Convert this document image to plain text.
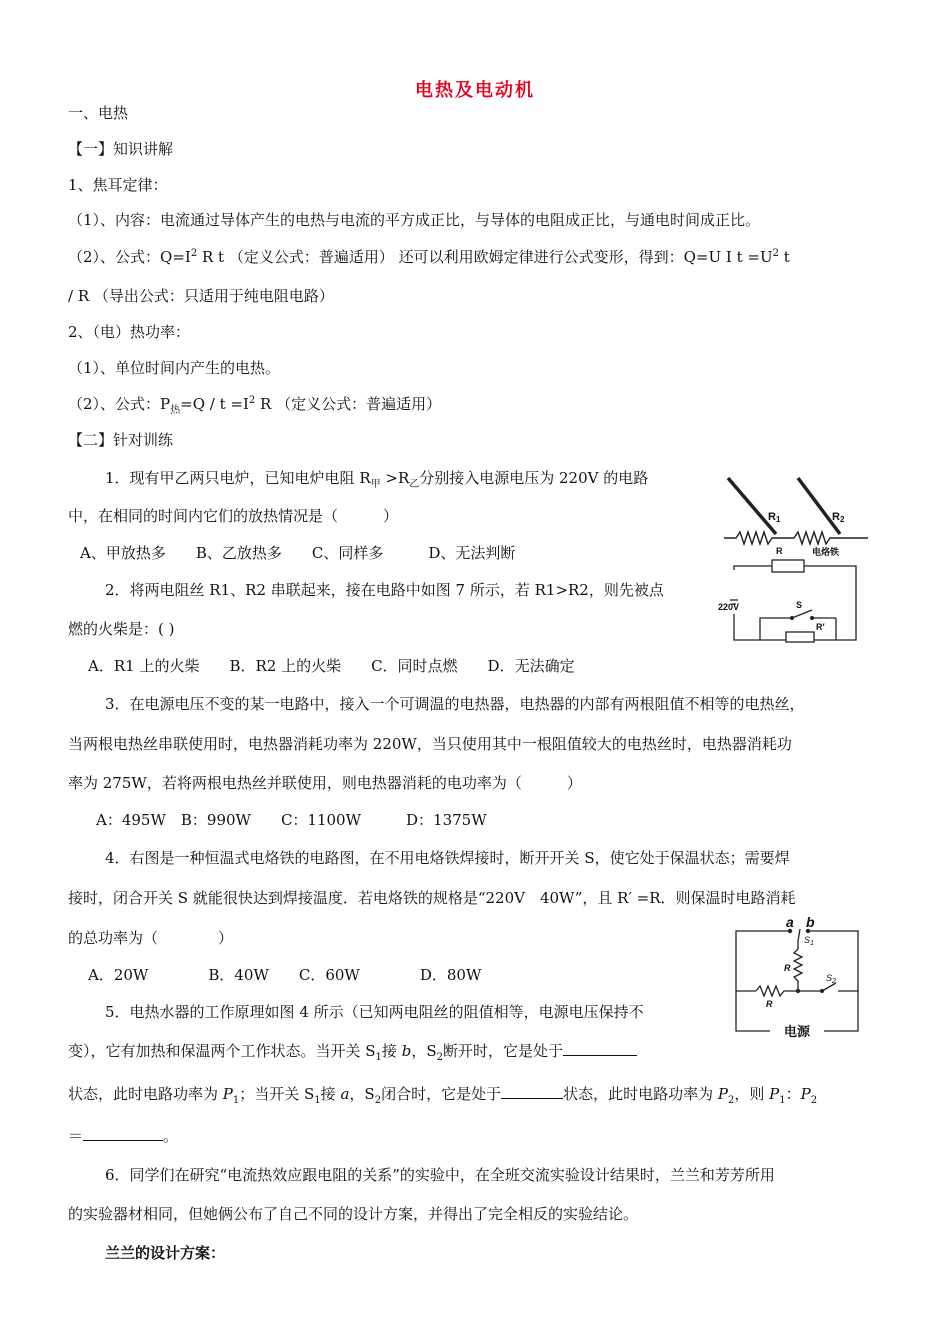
电热及电动机
一、电热
【一】知识讲解
1、焦耳定律：
（1）、内容：电流通过导体产生的电热与电流的平方成正比，与导体的电阻成正比，与通电时间成正比。
（2）、公式：$Q=I^2$ R t （定义公式：普遍适用） 还可以利用欧姆定律进行公式变形，得到：Q=U I $t =U^2$ t
/ R （导出公式：只适用于纯电阻电路）
2、（电）热功率：
（1）、单位时间内产生的电热。
（2）、公式：$P_热=Q / t =I^2$ R （定义公式：普遍适用）
【二】针对训练
1．现有甲乙两只电炉，已知电炉电阻 $R_甲 >R_乙$分别接入电源电压为 220V 的电路
中，在相同的时间内它们的放热情况是（　　　）
A、甲放热多　　B、乙放热多　　C、同样多　　　D、无法判断
2．将两电阻丝 R1、R2 串联起来，接在电路中如图 7 所示，若 R1>R2，则先被点
燃的火柴是：( )
A．R1 上的火柴　　B．R2 上的火柴　　C．同时点燃　　D．无法确定
3．在电源电压不变的某一电路中，接入一个可调温的电热器，电热器的内部有两根阻值不相等的电热丝，
当两根电热丝串联使用时，电热器消耗功率为 220W，当只使用其中一根阻值较大的电热丝时，电热器消耗功
率为 275W，若将两根电热丝并联使用，则电热器消耗的电功率为（　　　）
A：495W　B：990W　　C：1100W　　　D：1375W
4．右图是一种恒温式电烙铁的电路图，在不用电烙铁焊接时，断开开关 S，使它处于保温状态；需要焊
接时，闭合开关 S 就能很快达到焊接温度．若电烙铁的规格是“220V　40W”，且 R′ =R．则保温时电路消耗
的总功率为（　　　　）
A．20W　　　　B．40W　　C．60W　　　　D．80W
5．电热水器的工作原理如图 4 所示（已知两电阻丝的阻值相等，电源电压保持不
变），它有加热和保温两个工作状态。当开关 $S_1$接 b，$S_2$断开时，它是处于
状态，此时电路功率为 $P_1$；当开关 $S_1$接 a，$S_2$闭合时，它是处于	状态，此时电路功率为 $P_2$，则 $P_1$：$P_2$
＝	。
6．同学们在研究“电流热效应跟电阻的关系”的实验中，在全班交流实验设计结果时，兰兰和芳芳所用
的实验器材相同，但她俩公布了自己不同的设计方案，并得出了完全相反的实验结论。
兰兰的设计方案：
R1	R2
R	电烙铁
220V	S
R′
a b
$S_1$
R
R
$S_2$
电源
